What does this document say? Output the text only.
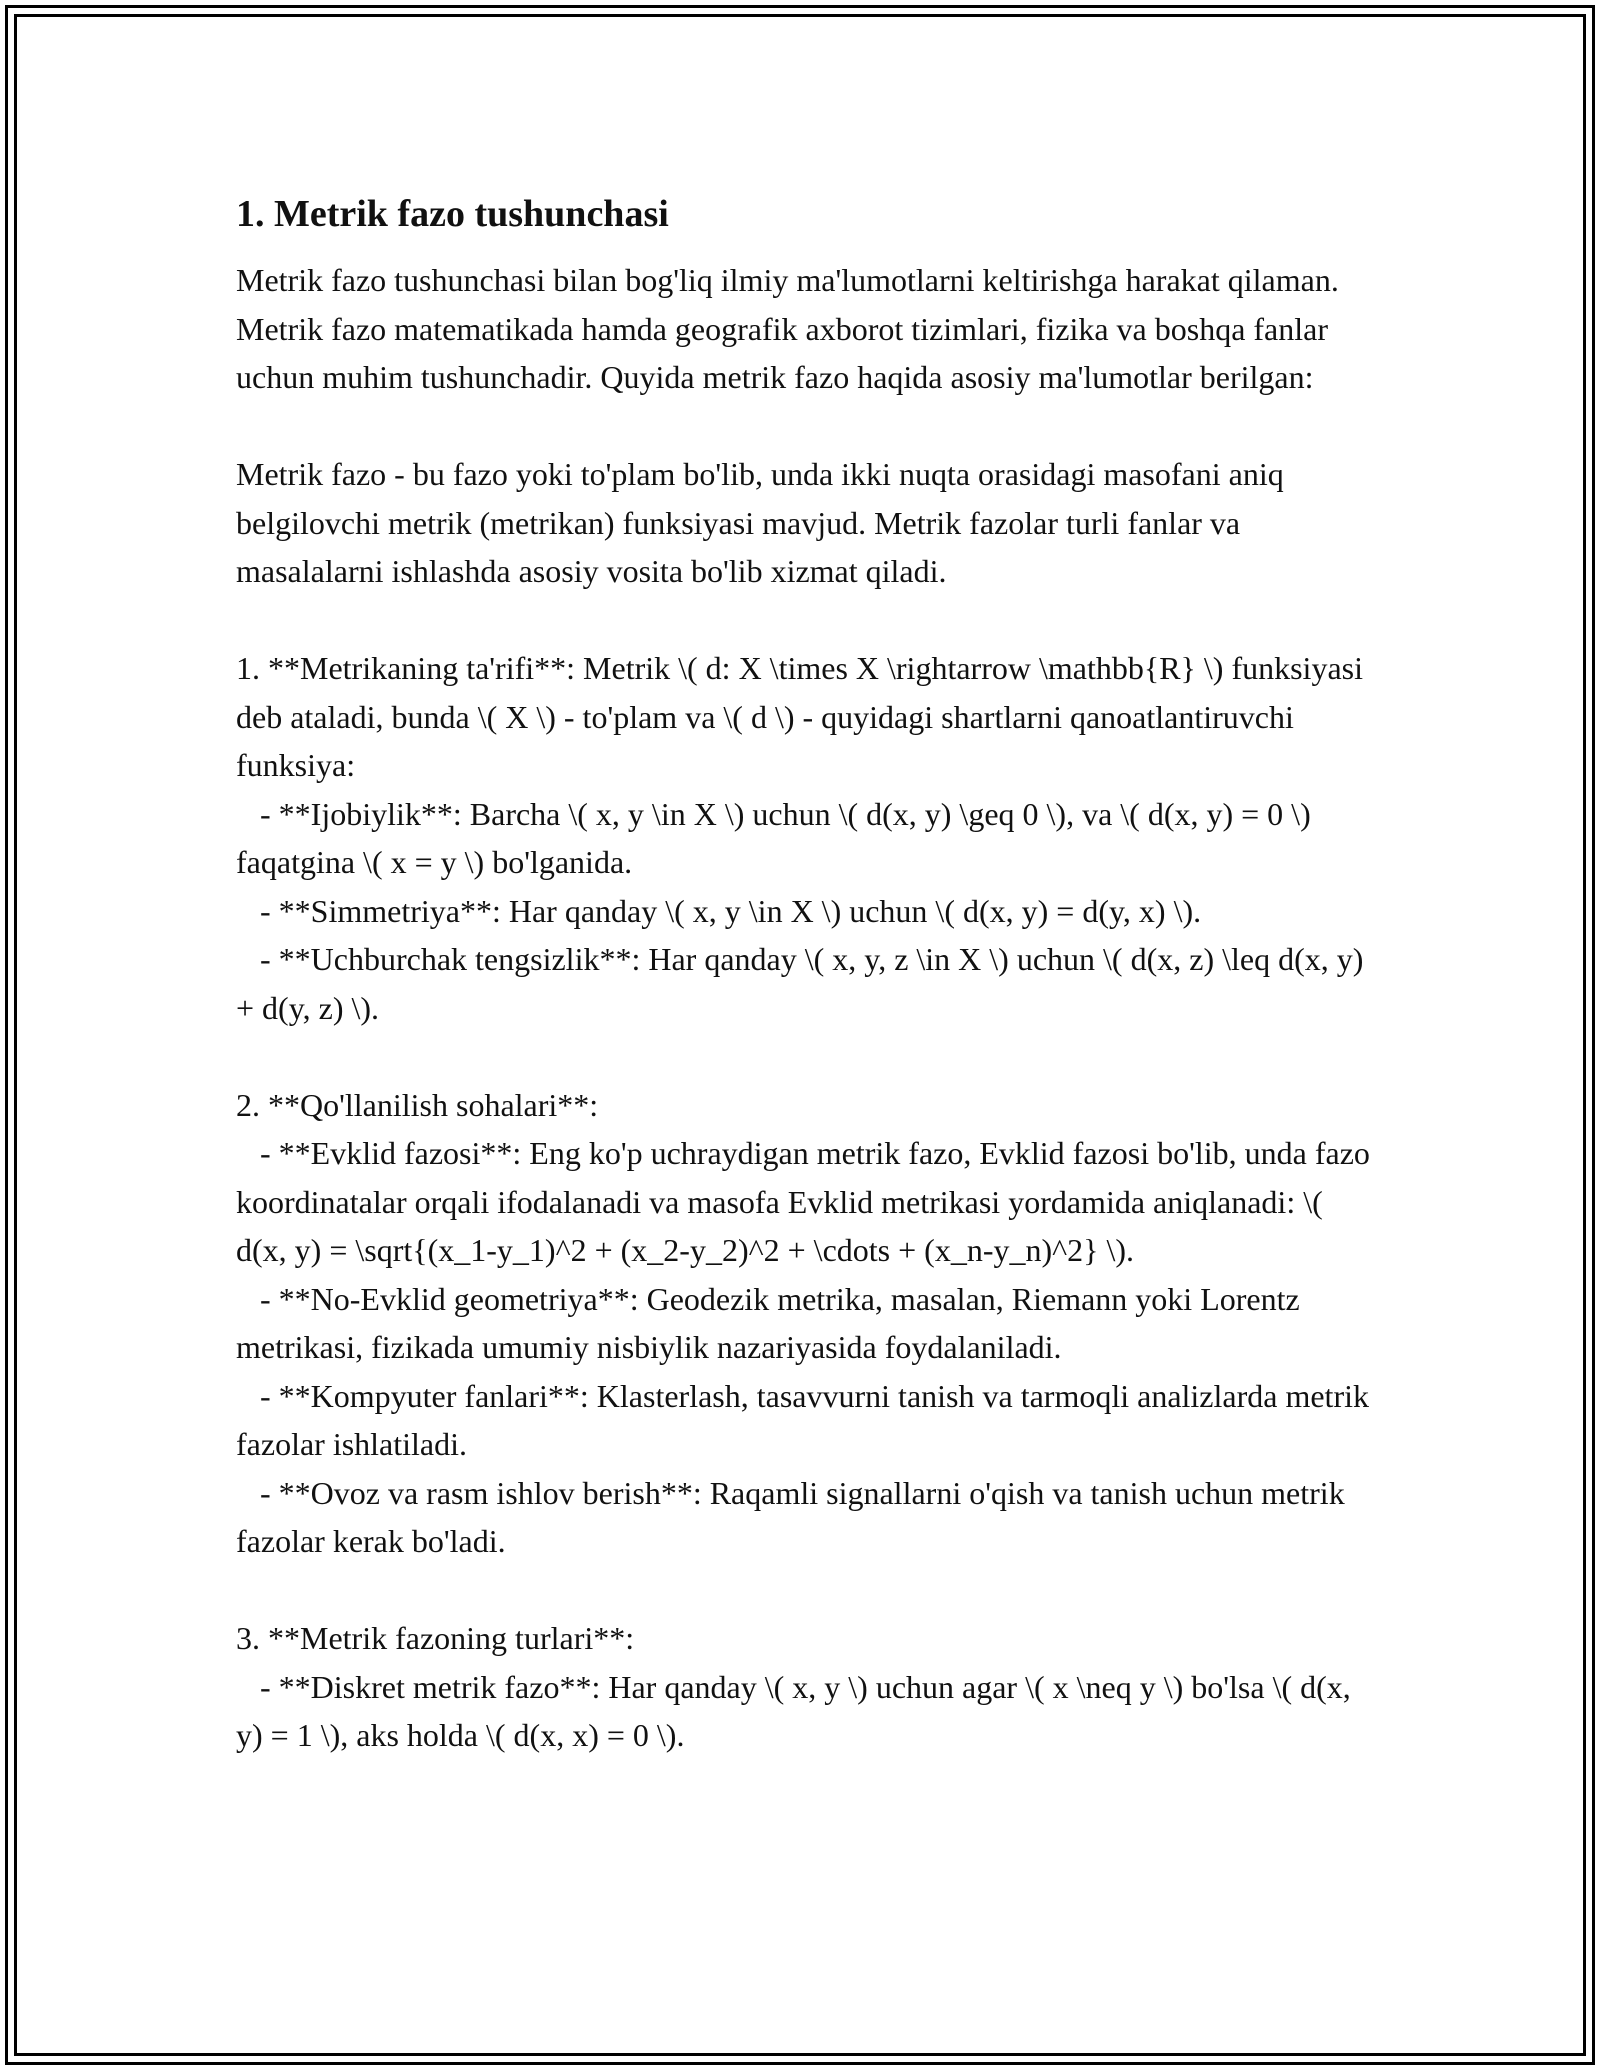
1. Metrik fazo tushunchasi

Metrik fazo tushunchasi bilan bog'liq ilmiy ma'lumotlarni keltirishga harakat qilaman. Metrik fazo matematikada hamda geografik axborot tizimlari, fizika va boshqa fanlar uchun muhim tushunchadir. Quyida metrik fazo haqida asosiy ma'lumotlar berilgan:

Metrik fazo - bu fazo yoki to'plam bo'lib, unda ikki nuqta orasidagi masofani aniq belgilovchi metrik (metrikan) funksiyasi mavjud. Metrik fazolar turli fanlar va masalalarni ishlashda asosiy vosita bo'lib xizmat qiladi.

1. **Metrikaning ta'rifi**: Metrik \( d: X \times X \rightarrow \mathbb{R} \) funksiyasi deb ataladi, bunda \( X \) - to'plam va \( d \) - quyidagi shartlarni qanoatlantiruvchi funksiya:

- **Ijobiylik**: Barcha \( x, y \in X \) uchun \( d(x, y) \geq 0 \), va \( d(x, y) = 0 \) faqatgina \( x = y \) bo'lganida.

- **Simmetriya**: Har qanday \( x, y \in X \) uchun \( d(x, y) = d(y, x) \).

- **Uchburchak tengsizlik**: Har qanday \( x, y, z \in X \) uchun \( d(x, z) \leq d(x, y) + d(y, z) \).

2. **Qo'llanilish sohalari**:

- **Evklid fazosi**: Eng ko'p uchraydigan metrik fazo, Evklid fazosi bo'lib, unda fazo koordinatalar orqali ifodalanadi va masofa Evklid metrikasi yordamida aniqlanadi: \( d(x, y) = \sqrt{(x_1-y_1)^2 + (x_2-y_2)^2 + \cdots + (x_n-y_n)^2} \).

- **No-Evklid geometriya**: Geodezik metrika, masalan, Riemann yoki Lorentz metrikasi, fizikada umumiy nisbiylik nazariyasida foydalaniladi.

- **Kompyuter fanlari**: Klasterlash, tasavvurni tanish va tarmoqli analizlarda metrik fazolar ishlatiladi.

- **Ovoz va rasm ishlov berish**: Raqamli signallarni o'qish va tanish uchun metrik fazolar kerak bo'ladi.

3. **Metrik fazoning turlari**:

- **Diskret metrik fazo**: Har qanday \( x, y \) uchun agar \( x \neq y \) bo'lsa \( d(x, y) = 1 \), aks holda \( d(x, x) = 0 \).
